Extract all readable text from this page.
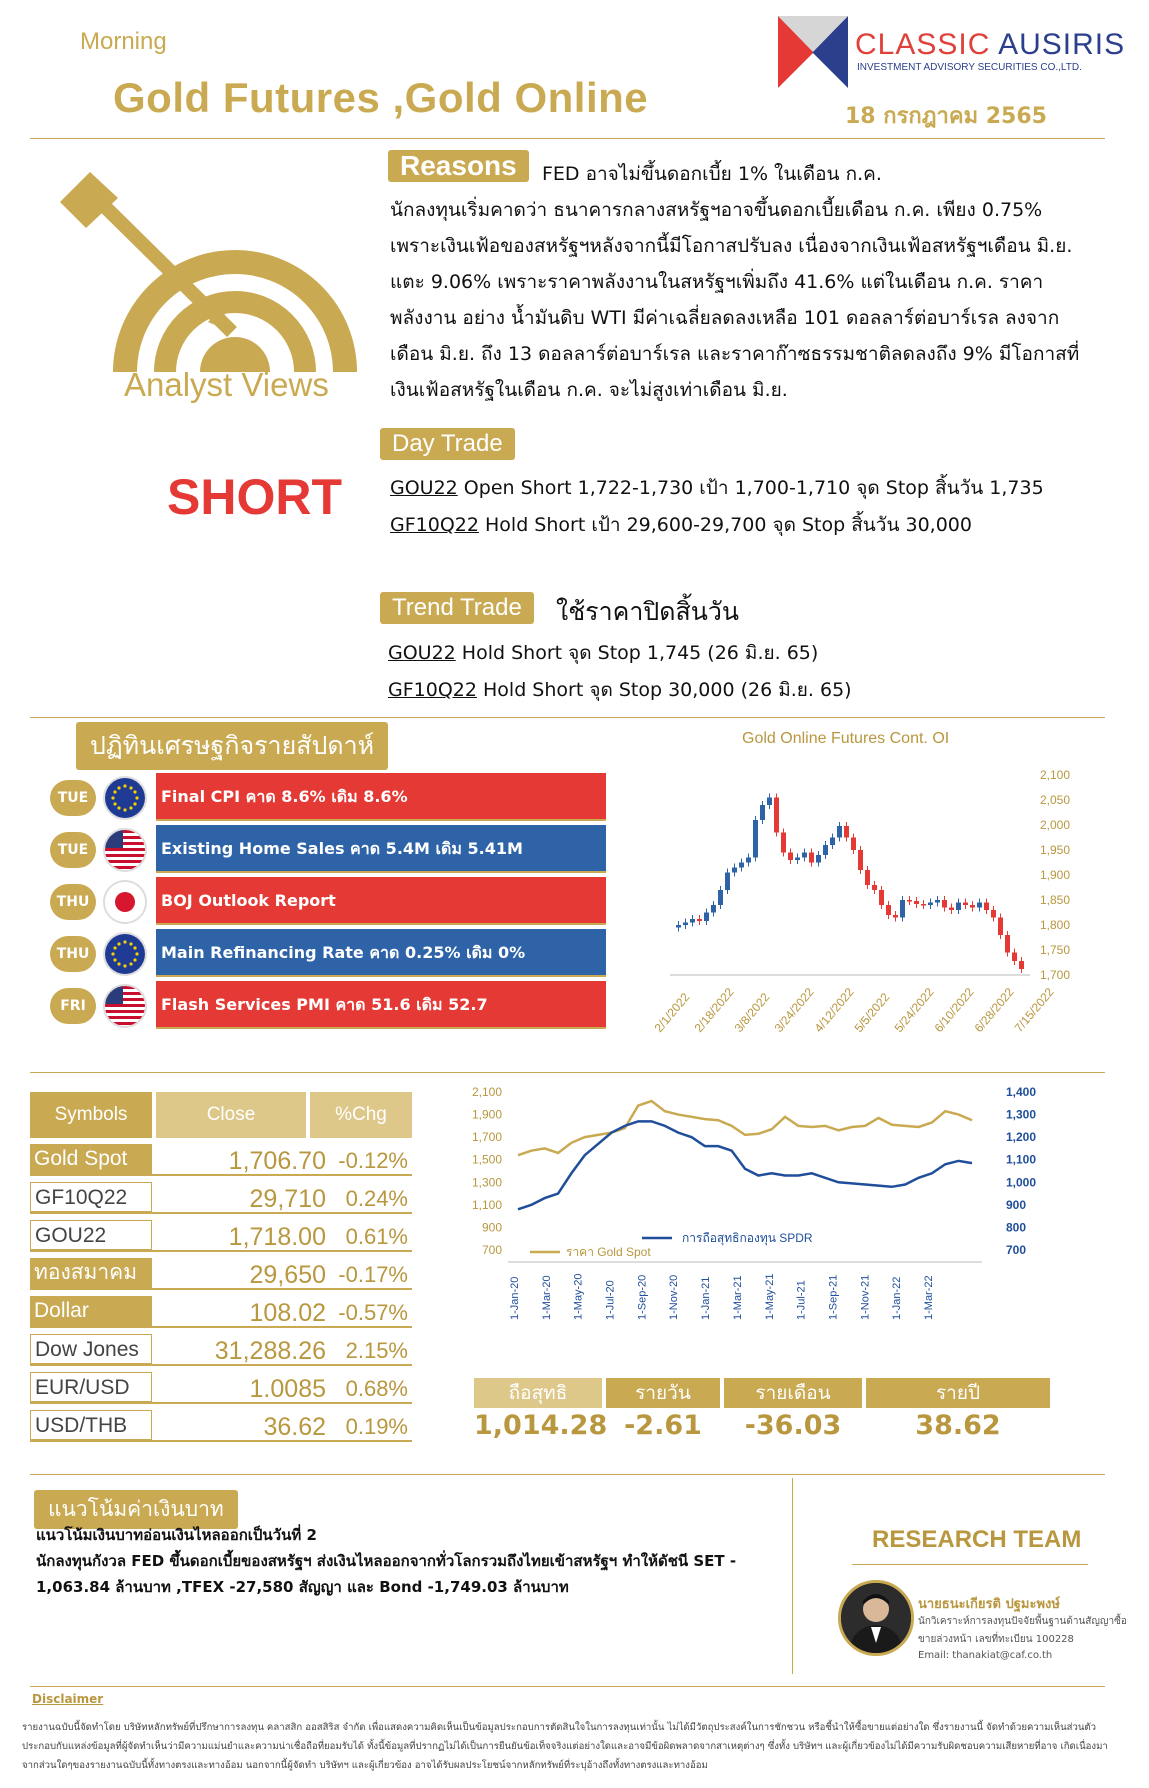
Morning
Gold Futures ,Gold Online
CLASSIC AUSIRIS
INVESTMENT ADVISORY SECURITIES CO.,LTD.
18 กรกฎาคม 2565
Analyst Views
SHORT
Reasons	FED อาจไม่ขึ้นดอกเบี้ย 1% ในเดือน ก.ค.
นักลงทุนเริ่มคาดว่า ธนาคารกลางสหรัฐฯอาจขึ้นดอกเบี้ยเดือน ก.ค. เพียง 0.75%
เพราะเงินเฟ้อของสหรัฐฯหลังจากนี้มีโอกาสปรับลง เนื่องจากเงินเฟ้อสหรัฐฯเดือน มิ.ย.
แตะ 9.06% เพราะราคาพลังงานในสหรัฐฯเพิ่มถึง 41.6% แต่ในเดือน ก.ค. ราคา
พลังงาน อย่าง น้ำมันดิบ WTI มีค่าเฉลี่ยลดลงเหลือ 101 ดอลลาร์ต่อบาร์เรล ลงจาก
เดือน มิ.ย. ถึง 13 ดอลลาร์ต่อบาร์เรล และราคาก๊าซธรรมชาติลดลงถึง 9% มีโอกาสที่
เงินเฟ้อสหรัฐในเดือน ก.ค. จะไม่สูงเท่าเดือน มิ.ย.
Day Trade
GOU22 Open Short 1,722-1,730 เป้า 1,700-1,710 จุด Stop สิ้นวัน 1,735
GF10Q22 Hold Short เป้า 29,600-29,700 จุด Stop สิ้นวัน 30,000
Trend Trade	ใช้ราคาปิดสิ้นวัน
GOU22 Hold Short จุด Stop 1,745 (26 มิ.ย. 65)
GF10Q22 Hold Short จุด Stop 30,000 (26 มิ.ย. 65)
ปฏิทินเศรษฐกิจรายสัปดาห์
TUE	Final CPI คาด 8.6% เดิม 8.6%
TUE	Existing Home Sales คาด 5.4M เดิม 5.41M
THU	BOJ Outlook Report
THU	Main Refinancing Rate คาด 0.25% เดิม 0%
FRI	Flash Services PMI คาด 51.6 เดิม 52.7
Gold Online Futures Cont. OI
2,100
2,050
2,000
1,950
1,900
1,850
1,800
1,750
1,700
2/1/2022 2/18/2022
3/8/2022 3/24/2022
4/12/2022
5/5/2022 5/24/2022
6/10/2022
6/28/2022
7/15/2022
Symbols	Close	%Chg
Gold Spot	1,706.70 -0.12%
GF10Q22	29,710 0.24%
GOU22	1,718.00 0.61%
ทองสมาคม	29,650 -0.17%
Dollar	108.02 -0.57%
Dow Jones	31,288.26 2.15%
EUR/USD	1.0085 0.68%
USD/THB	36.62 0.19%
2,100
1,900
1,700
1,500
1,300
1,100
900
700
1,400
1,300
1,200
1,100
1,000
900
800
700
ราคา Gold Spot
การถือสุทธิกองทุน SPDR
1-Jan-20 1-Mar-20 1-May-20 1-Jul-20 1-Sep-20 1-Nov-20 1-Jan-21 1-Mar-21 1-May-21 1-Jul-21 1-Sep-21 1-Nov-21 1-Jan-22 1-Mar-22
ถือสุทธิ	รายวัน	รายเดือน	รายปี
1,014.28 -2.61	-36.03	38.62
แนวโน้มค่าเงินบาท
แนวโน้มเงินบาทอ่อนเงินไหลออกเป็นวันที่ 2
นักลงทุนกังวล FED ขึ้นดอกเบี้ยของสหรัฐฯ ส่งเงินไหลออกจากทั่วโลกรวมถึงไทยเข้าสหรัฐฯ ทำให้ดัชนี SET -
1,063.84 ล้านบาท ,TFEX -27,580 สัญญา และ Bond -1,749.03 ล้านบาท
RESEARCH TEAM
นายธนะเกียรติ ปฐมะพงษ์
นักวิเคราะห์การลงทุนปัจจัยพื้นฐานด้านสัญญาซื้อ
ขายล่วงหน้า เลขที่ทะเบียน 100228
Email: thanakiat@caf.co.th
Disclaimer
รายงานฉบับนี้จัดทำโดย บริษัทหลักทรัพย์ที่ปรึกษาการลงทุน คลาสสิก ออสสิริส จำกัด เพื่อแสดงความคิดเห็นเป็นข้อมูลประกอบการตัดสินใจในการลงทุนเท่านั้น ไม่ได้มีวัตถุประสงค์ในการชักชวน หรือชี้นำให้ซื้อขายแต่อย่างใด ซึ่งรายงานนี้ จัดทำด้วยความเห็นส่วนตัว ประกอบกับแหล่งข้อมูลที่ผู้จัดทำเห็นว่ามีความแม่นยำและความน่าเชื่อถือที่ยอมรับได้ ทั้งนี้ข้อมูลที่ปรากฏไม่ได้เป็นการยืนยันข้อเท็จจริงแต่อย่างใดและอาจมีข้อผิดพลาดจากสาเหตุต่างๆ ซึ่งทั้ง บริษัทฯ และผู้เกี่ยวข้องไม่ได้มีความรับผิดชอบความเสียหายที่อาจ เกิดเนื่องมาจากส่วนใดๆของรายงานฉบับนี้ทั้งทางตรงและทางอ้อม นอกจากนี้ผู้จัดทำ บริษัทฯ และผู้เกี่ยวข้อง อาจได้รับผลประโยชน์จากหลักทรัพย์ที่ระบุอ้างถึงทั้งทางตรงและทางอ้อม
